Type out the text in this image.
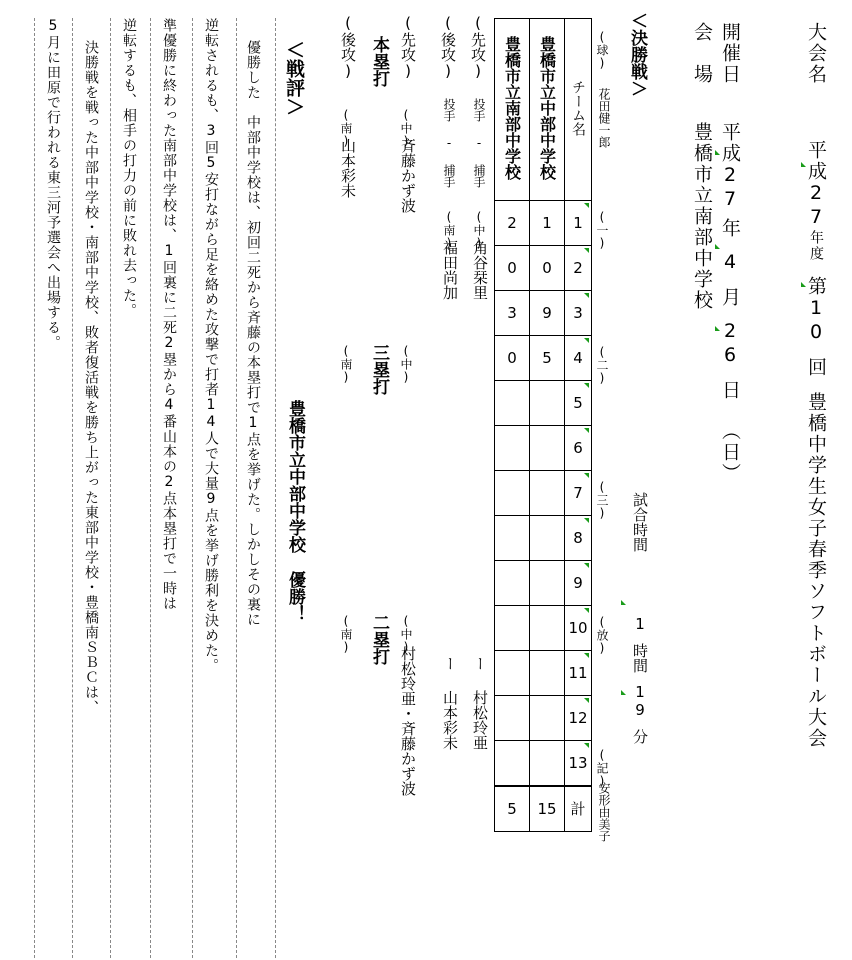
大会名
平成27年度第10回豊橋中学生女子春季ソフトボール大会
開催日
平成27年4月26日（日）
会　場
豊橋市立南部中学校
＜決勝戦＞
(球)
花田健一郎
(一)
(二)
(三)
(放)
(記)
安形由美子
試合時間
1時間19分
豊橋市立南部中学校	豊橋市立中部中学校	チーム名
2	1	1
0	0	2
3	9	3
0	5	4
		5
		6
		7
		8
		9
		10
		11
		12
		13
5	15	計
(先攻)
投手 - 捕手
(中)
角谷栞里
ー
村松玲亜
(後攻)
投手 - 捕手
(南)
福田尚加
ー
山本彩未
(先攻)
(後攻) 本塁打
(中)
斉藤かず波
(南)
山本彩未
(中)
三塁打
(南)
(中)
村松玲亜・斉藤かず波
二塁打
(南)
＜戦評＞
豊橋市立中部中学校優勝！
優勝した　中部中学校は、初回二死から斉藤の本塁打で1点を挙げた。しかしその裏に
逆転されるも、3回5安打ながら足を絡めた攻撃で打者14人で大量9点を挙げ勝利を決めた。
準優勝に終わった南部中学校は、1回裏に二死2塁から4番山本の2点本塁打で一時は
逆転するも、相手の打力の前に敗れ去った。
決勝戦を戦った中部中学校・南部中学校、敗者復活戦を勝ち上がった東部中学校・豊橋南ＳＢＣは、
5月に田原で行われる東三河予選会へ出場する。
